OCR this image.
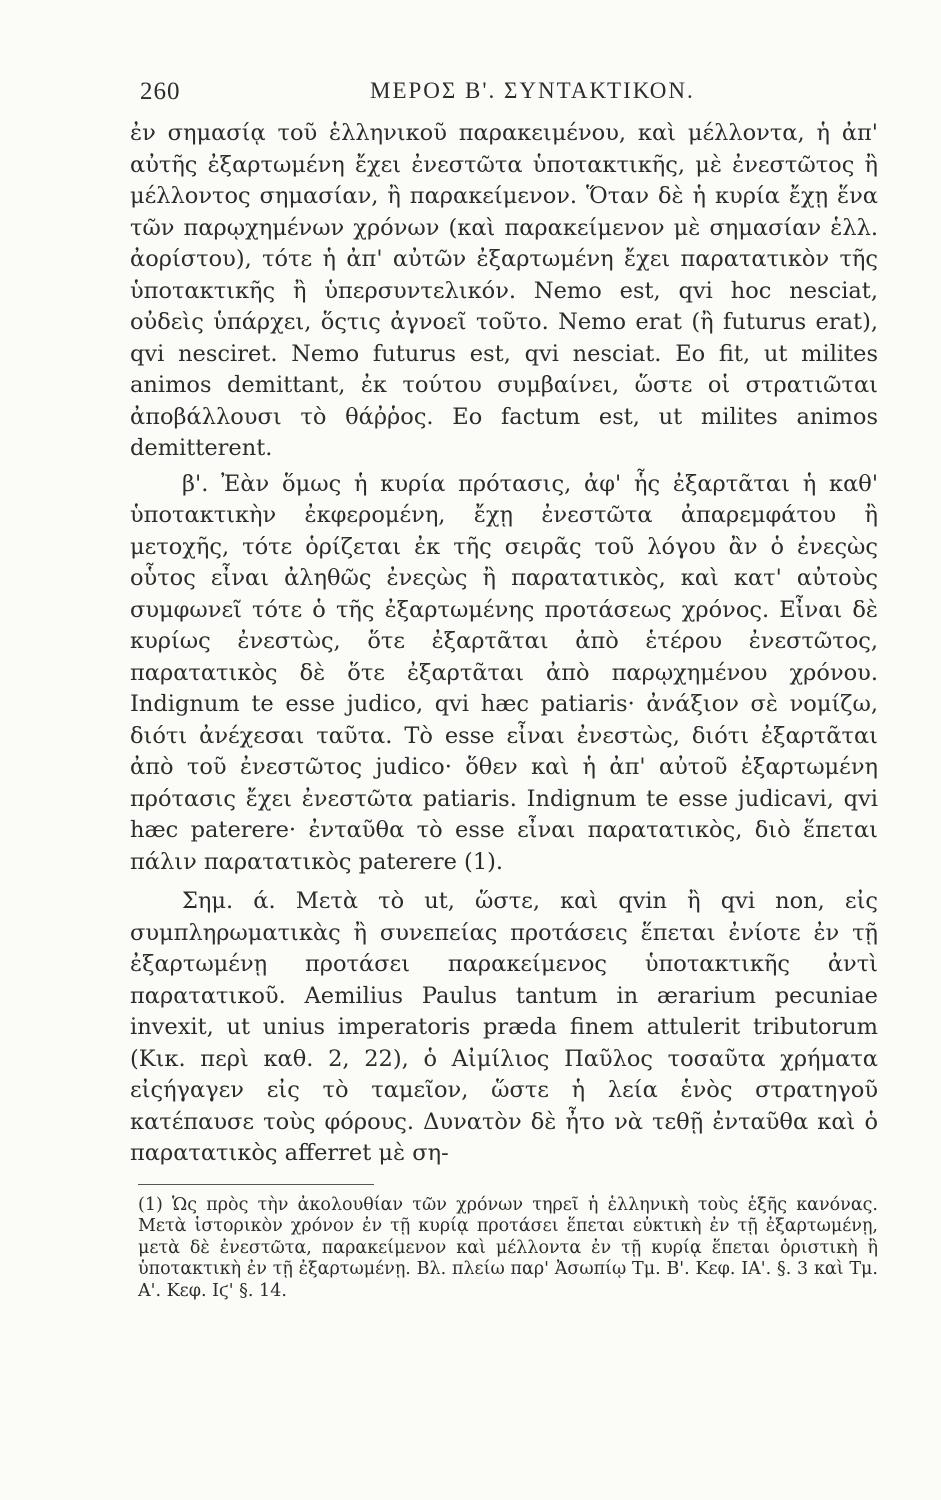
260	ΜΕΡΟΣ Β'. ΣΥΝΤΑΚΤΙΚΟΝ.

ἐν σημασίᾳ τοῦ ἑλληνικοῦ παρακειμένου, καὶ μέλλοντα, ἡ ἀπ' αὐτῆς ἐξαρτωμένη ἔχει ἐνεστῶτα ὑποτακτικῆς, μὲ ἐνεστῶτος ἢ μέλλοντος σημασίαν, ἢ παρακείμενον. Ὅταν δὲ ἡ κυρία ἔχῃ ἕνα τῶν παρῳχημένων χρόνων (καὶ παρακείμενον μὲ σημασίαν ἑλλ. ἀορίστου), τότε ἡ ἀπ' αὐτῶν ἐξαρτωμένη ἔχει παρατατικὸν τῆς ὑποτακτικῆς ἢ ὑπερσυντελικόν. Nemo est, qvi hoc nesciat, οὐδεὶς ὑπάρχει, ὅςτις ἀγνοεῖ τοῦτο. Nemo erat (ἢ futurus erat), qvi nesciret. Nemo futurus est, qvi nesciat. Eo fit, ut milites animos demittant, ἐκ τούτου συμβαίνει, ὥστε οἱ στρατιῶται ἀποβάλλουσι τὸ θάῤῥος. Eo factum est, ut milites animos demitterent.

β'. Ἐὰν ὅμως ἡ κυρία πρότασις, ἀφ' ἧς ἐξαρτᾶται ἡ καθ' ὑποτακτικὴν ἐκφερομένη, ἔχῃ ἐνεστῶτα ἀπαρεμφάτου ἢ μετοχῆς, τότε ὁρίζεται ἐκ τῆς σειρᾶς τοῦ λόγου ἂν ὁ ἐνεςὼς οὗτος εἶναι ἀληθῶς ἐνεςὼς ἢ παρατατικὸς, καὶ κατ' αὐτοὺς συμφωνεῖ τότε ὁ τῆς ἐξαρτωμένης προτάσεως χρόνος. Εἶναι δὲ κυρίως ἐνεστὼς, ὅτε ἐξαρτᾶται ἀπὸ ἑτέρου ἐνεστῶτος, παρατατικὸς δὲ ὅτε ἐξαρτᾶται ἀπὸ παρῳχημένου χρόνου. Indignum te esse judico, qvi hæc patiaris· ἀνάξιον σὲ νομίζω, διότι ἀνέχεσαι ταῦτα. Τὸ esse εἶναι ἐνεστὼς, διότι ἐξαρτᾶται ἀπὸ τοῦ ἐνεστῶτος judico· ὅθεν καὶ ἡ ἀπ' αὐτοῦ ἐξαρτωμένη πρότασις ἔχει ἐνεστῶτα patiaris. Indignum te esse judicavi, qvi hæc paterere· ἐνταῦθα τὸ esse εἶναι παρατατικὸς, διὸ ἕπεται πάλιν παρατατικὸς paterere (1).

Σημ. ά. Μετὰ τὸ ut, ὥστε, καὶ qvin ἢ qvi non, εἰς συμπληρωματικὰς ἢ συνεπείας προτάσεις ἕπεται ἐνίοτε ἐν τῇ ἐξαρτωμένῃ προτάσει παρακείμενος ὑποτακτικῆς ἀντὶ παρατατικοῦ. Aemilius Paulus tantum in ærarium pecuniae invexit, ut unius imperatoris præda finem attulerit tributorum (Κικ. περὶ καθ. 2, 22), ὁ Αἰμίλιος Παῦλος τοσαῦτα χρήματα εἰςήγαγεν εἰς τὸ ταμεῖον, ὥστε ἡ λεία ἑνὸς στρατηγοῦ κατέπαυσε τοὺς φόρους. Δυνατὸν δὲ ἦτο νὰ τεθῇ ἐνταῦθα καὶ ὁ παρατατικὸς afferret μὲ ση-

(1) Ὡς πρὸς τὴν ἀκολουθίαν τῶν χρόνων τηρεῖ ἡ ἑλληνικὴ τοὺς ἑξῆς κανόνας. Μετὰ ἱστορικὸν χρόνον ἐν τῇ κυρίᾳ προτάσει ἕπεται εὐκτικὴ ἐν τῇ ἐξαρτωμένῃ, μετὰ δὲ ἐνεστῶτα, παρακείμενον καὶ μέλλοντα ἐν τῇ κυρίᾳ ἕπεται ὁριστικὴ ἢ ὑποτακτικὴ ἐν τῇ ἐξαρτωμένῃ. Βλ. πλείω παρ' Ἀσωπίῳ Τμ. Β'. Κεφ. ΙΑ'. §. 3 καὶ Τμ. Α'. Κεφ. Ιϛ' §. 14.
